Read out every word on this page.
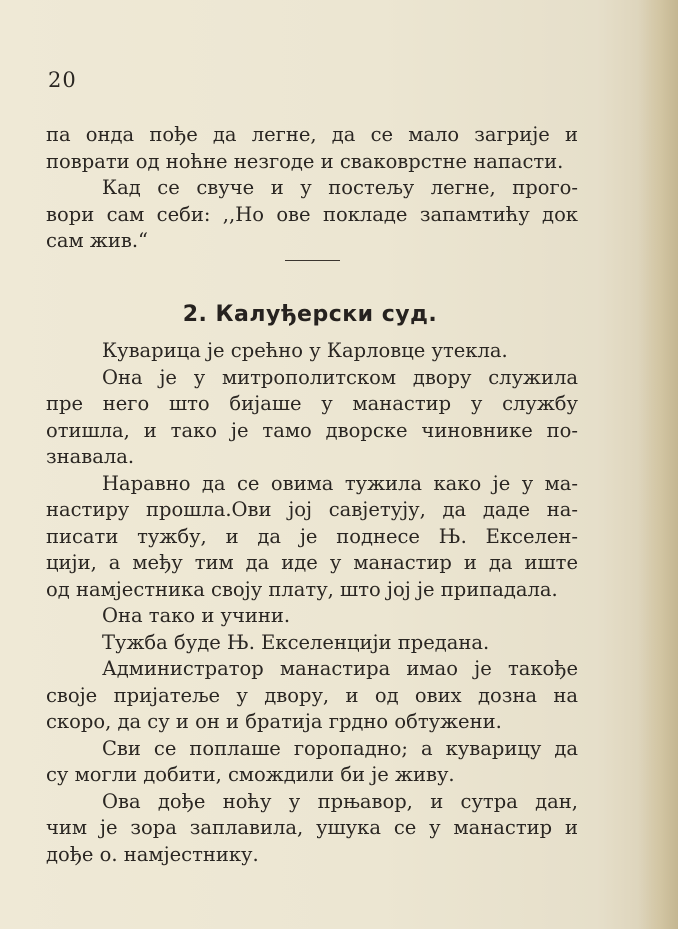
20
па онда пође да легне, да се мало загрије и
поврати од ноћне незгоде и сваковрстне напасти.
Кад се свуче и у постељу легне, прого-
вори сам себи: ,,Но ове покладе запамтићу док
сам жив.“
2. Калуђерски суд.
Куварица је срећно у Карловце утекла.
Она је у митрополитском двору служила
пре него што бијаше у манастир у службу
отишла, и тако је тамо дворске чиновнике по-
знавала.
Наравно да се овима тужила како је у ма-
настиру прошла.Ови јој савјетују, да даде на-
писати тужбу, и да је поднесе Њ. Екселен-
цији, а међу тим да иде у манастир и да иште
од намјестника своју плату, што јој је припадала.
Она тако и учини.
Тужба буде Њ. Екселенцији предана.
Администратор манастира имао је такође
своје пријатеље у двору, и од ових дозна на
скоро, да су и он и братија грдно обтужени.
Сви се поплаше горопадно; а куварицу да
су могли добити, смождили би је живу.
Ова дође ноћу у прњавор, и сутра дан,
чим је зора заплавила, ушука се у манастир и
дође о. намјестнику.
